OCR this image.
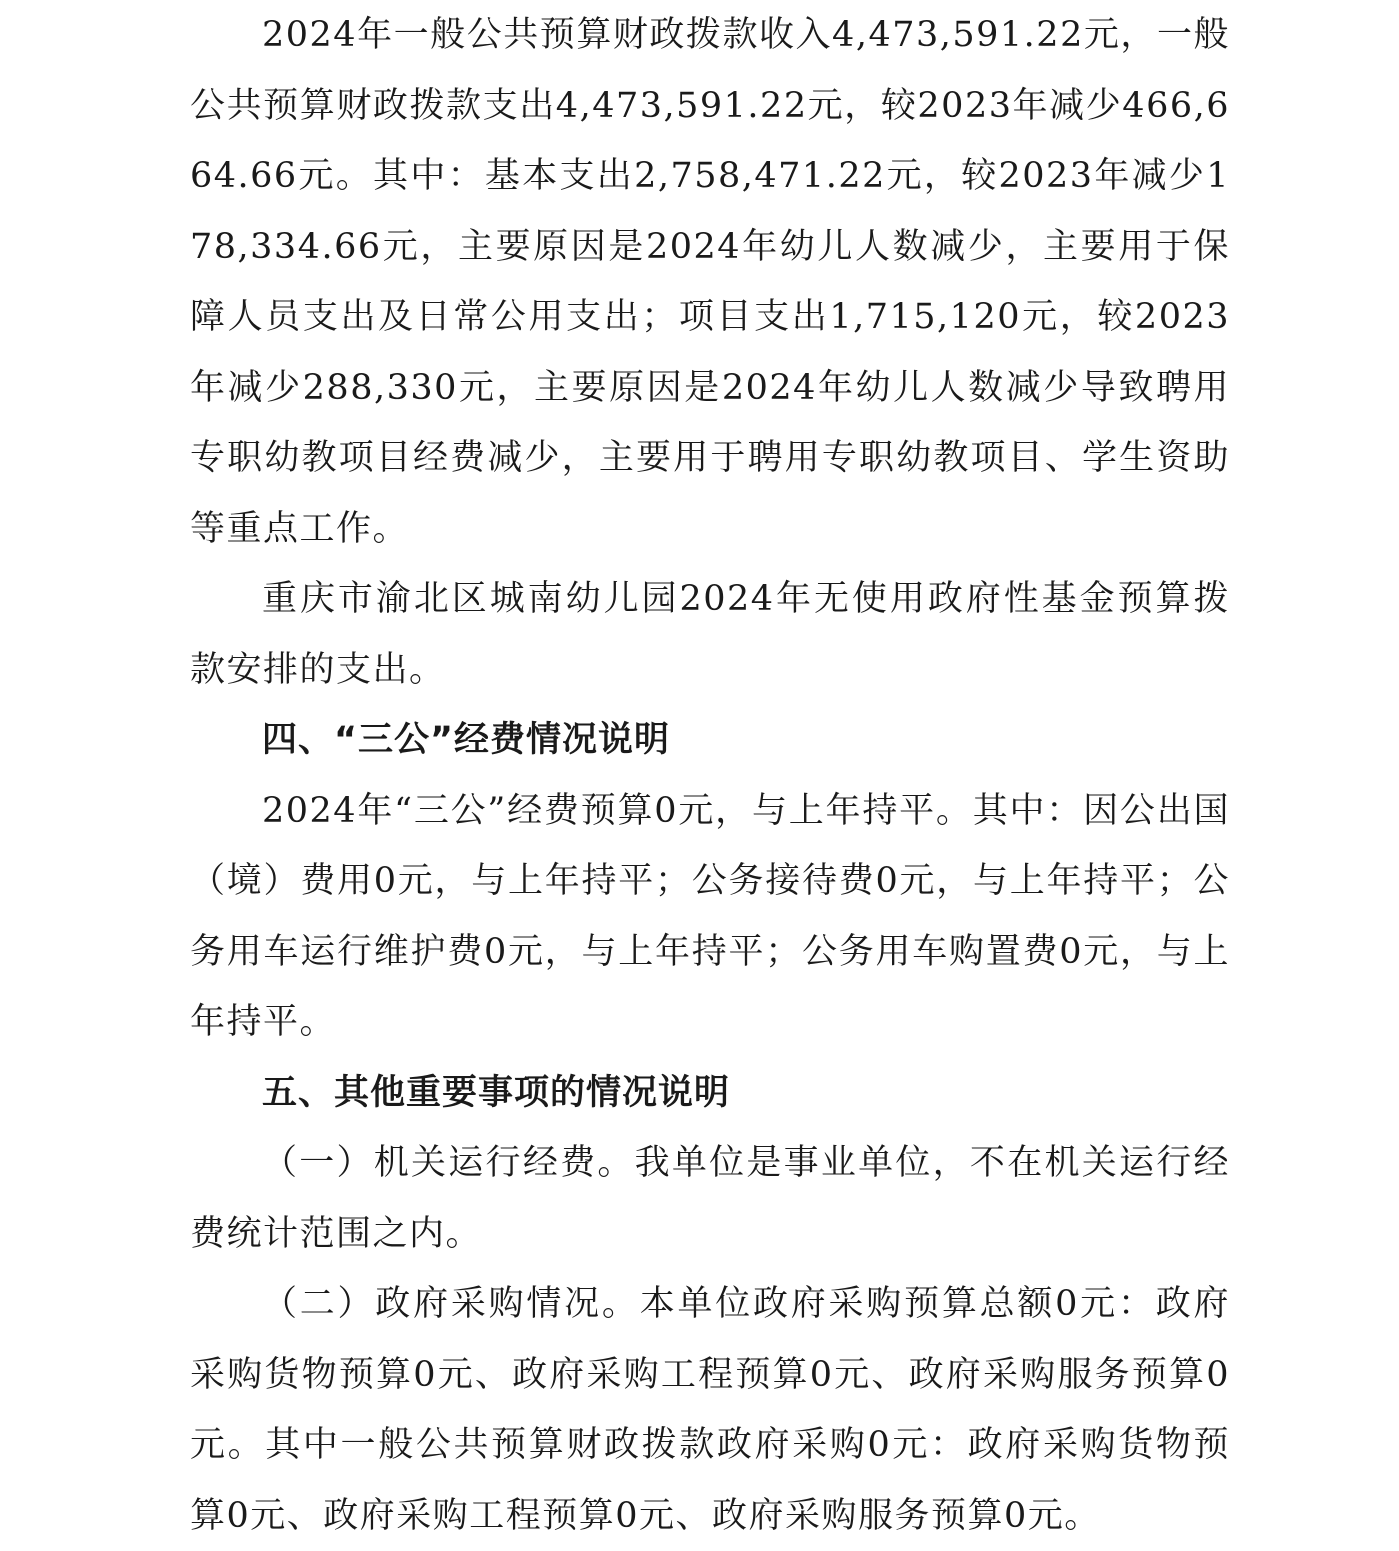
2024年一般公共预算财政拨款收入4,473,591.22元，一般公共预算财政拨款支出4,473,591.22元，较2023年减少466,664.66元。其中：基本支出2,758,471.22元，较2023年减少178,334.66元，主要原因是2024年幼儿人数减少，主要用于保障人员支出及日常公用支出；项目支出1,715,120元，较2023年减少288,330元，主要原因是2024年幼儿人数减少导致聘用专职幼教项目经费减少，主要用于聘用专职幼教项目、学生资助等重点工作。

重庆市渝北区城南幼儿园2024年无使用政府性基金预算拨款安排的支出。

四、“三公”经费情况说明

2024年“三公”经费预算0元，与上年持平。其中：因公出国（境）费用0元，与上年持平；公务接待费0元，与上年持平；公务用车运行维护费0元，与上年持平；公务用车购置费0元，与上年持平。

五、其他重要事项的情况说明

（一）机关运行经费。我单位是事业单位，不在机关运行经费统计范围之内。

（二）政府采购情况。本单位政府采购预算总额0元：政府采购货物预算0元、政府采购工程预算0元、政府采购服务预算0元。其中一般公共预算财政拨款政府采购0元：政府采购货物预算0元、政府采购工程预算0元、政府采购服务预算0元。
